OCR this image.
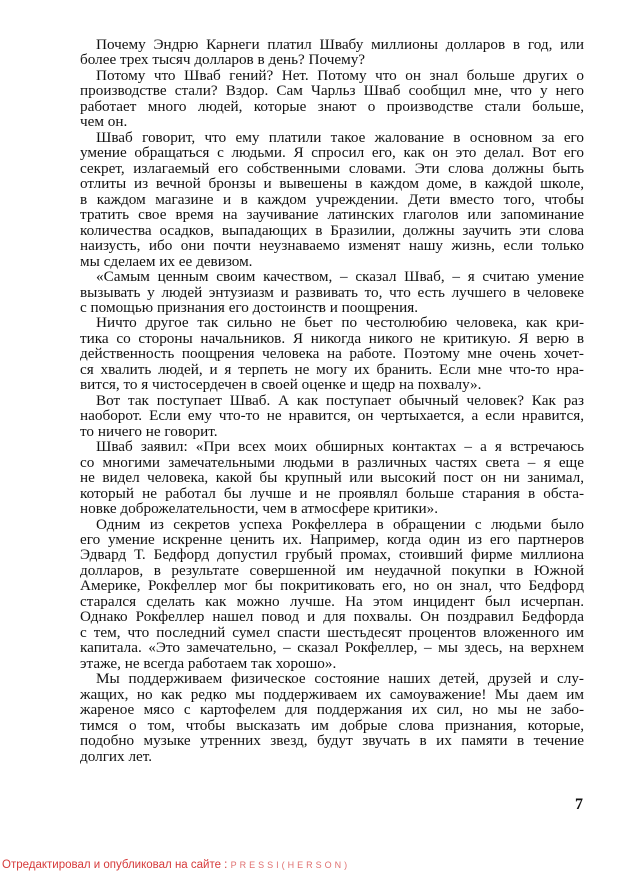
Почему Эндрю Карнеги платил Швабу миллионы долларов в год, или
более трех тысяч долларов в день? Почему?
Потому что Шваб гений? Нет. Потому что он знал больше других о
производстве стали? Вздор. Сам Чарльз Шваб сообщил мне, что у него
работает много людей, которые знают о производстве стали больше,
чем он.
Шваб говорит, что ему платили такое жалование в основном за его
умение обращаться с людьми. Я спросил его, как он это делал. Вот его
секрет, излагаемый его собственными словами. Эти слова должны быть
отлиты из вечной бронзы и вывешены в каждом доме, в каждой школе,
в каждом магазине и в каждом учреждении. Дети вместо того, чтобы
тратить свое время на заучивание латинских глаголов или запоминание
количества осадков, выпадающих в Бразилии, должны заучить эти слова
наизусть, ибо они почти неузнаваемо изменят нашу жизнь, если только
мы сделаем их ее девизом.
«Самым ценным своим качеством, – сказал Шваб, – я считаю умение
вызывать у людей энтузиазм и развивать то, что есть лучшего в человеке
с помощью признания его достоинств и поощрения.
Ничто другое так сильно не бьет по честолюбию человека, как кри-
тика со стороны начальников. Я никогда никого не критикую. Я верю в
действенность поощрения человека на работе. Поэтому мне очень хочет-
ся хвалить людей, и я терпеть не могу их бранить. Если мне что-то нра-
вится, то я чистосердечен в своей оценке и щедр на похвалу».
Вот так поступает Шваб. А как поступает обычный человек? Как раз
наоборот. Если ему что-то не нравится, он чертыхается, а если нравится,
то ничего не говорит.
Шваб заявил: «При всех моих обширных контактах – а я встречаюсь
со многими замечательными людьми в различных частях света – я еще
не видел человека, какой бы крупный или высокий пост он ни занимал,
который не работал бы лучше и не проявлял больше старания в обста-
новке доброжелательности, чем в атмосфере критики».
Одним из секретов успеха Рокфеллера в обращении с людьми было
его умение искренне ценить их. Например, когда один из его партнеров
Эдвард Т. Бедфорд допустил грубый промах, стоивший фирме миллиона
долларов, в результате совершенной им неудачной покупки в Южной
Америке, Рокфеллер мог бы покритиковать его, но он знал, что Бедфорд
старался сделать как можно лучше. На этом инцидент был исчерпан.
Однако Рокфеллер нашел повод и для похвалы. Он поздравил Бедфорда
с тем, что последний сумел спасти шестьдесят процентов вложенного им
капитала. «Это замечательно, – сказал Рокфеллер, – мы здесь, на верхнем
этаже, не всегда работаем так хорошо».
Мы поддерживаем физическое состояние наших детей, друзей и слу-
жащих, но как редко мы поддерживаем их самоуважение! Мы даем им
жареное мясо с картофелем для поддержания их сил, но мы не забо-
тимся о том, чтобы высказать им добрые слова признания, которые,
подобно музыке утренних звезд, будут звучать в их памяти в течение
долгих лет.
7
Отредактировал и опубликовал на сайте : PRESSI(HERSON)
